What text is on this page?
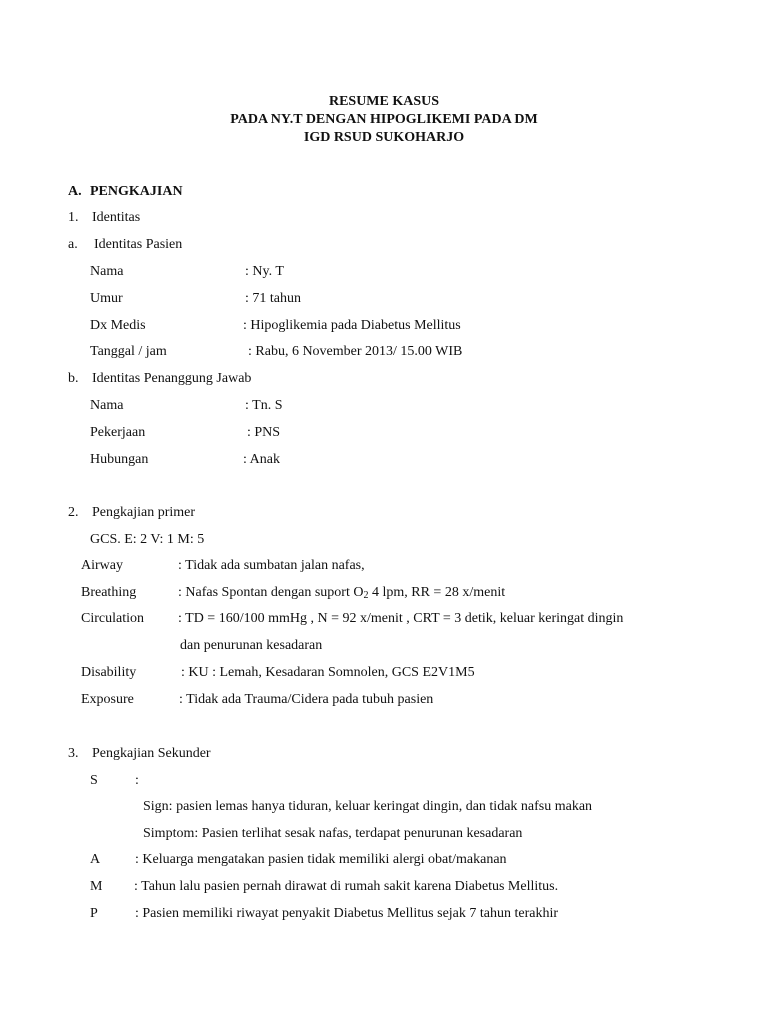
RESUME KASUS
PADA NY.T DENGAN HIPOGLIKEMI PADA DM
IGD RSUD SUKOHARJO
A. PENGKAJIAN
1. Identitas
a. Identitas Pasien
Nama	: Ny. T
Umur	: 71 tahun
Dx Medis	: Hipoglikemia pada Diabetus Mellitus
Tanggal / jam	: Rabu, 6 November 2013/ 15.00 WIB
b. Identitas Penanggung Jawab
Nama	: Tn. S
Pekerjaan	: PNS
Hubungan	: Anak
2. Pengkajian primer
GCS. E: 2 V: 1 M: 5
Airway	: Tidak ada sumbatan jalan nafas,
Breathing	: Nafas Spontan dengan suport $O_2$ 4 lpm, RR = 28 x/menit
Circulation : TD = 160/100 mmHg , N = 92 x/menit , CRT = 3 detik, keluar keringat dingin
dan penurunan kesadaran
Disability	: KU : Lemah, Kesadaran Somnolen, GCS E2V1M5
Exposure	: Tidak ada Trauma/Cidera pada tubuh pasien
3. Pengkajian Sekunder
S	:
Sign: pasien lemas hanya tiduran, keluar keringat dingin, dan tidak nafsu makan
Simptom: Pasien terlihat sesak nafas, terdapat penurunan kesadaran
A : Keluarga mengatakan pasien tidak memiliki alergi obat/makanan
M : Tahun lalu pasien pernah dirawat di rumah sakit karena Diabetus Mellitus.
P	: Pasien memiliki riwayat penyakit Diabetus Mellitus sejak 7 tahun terakhir
